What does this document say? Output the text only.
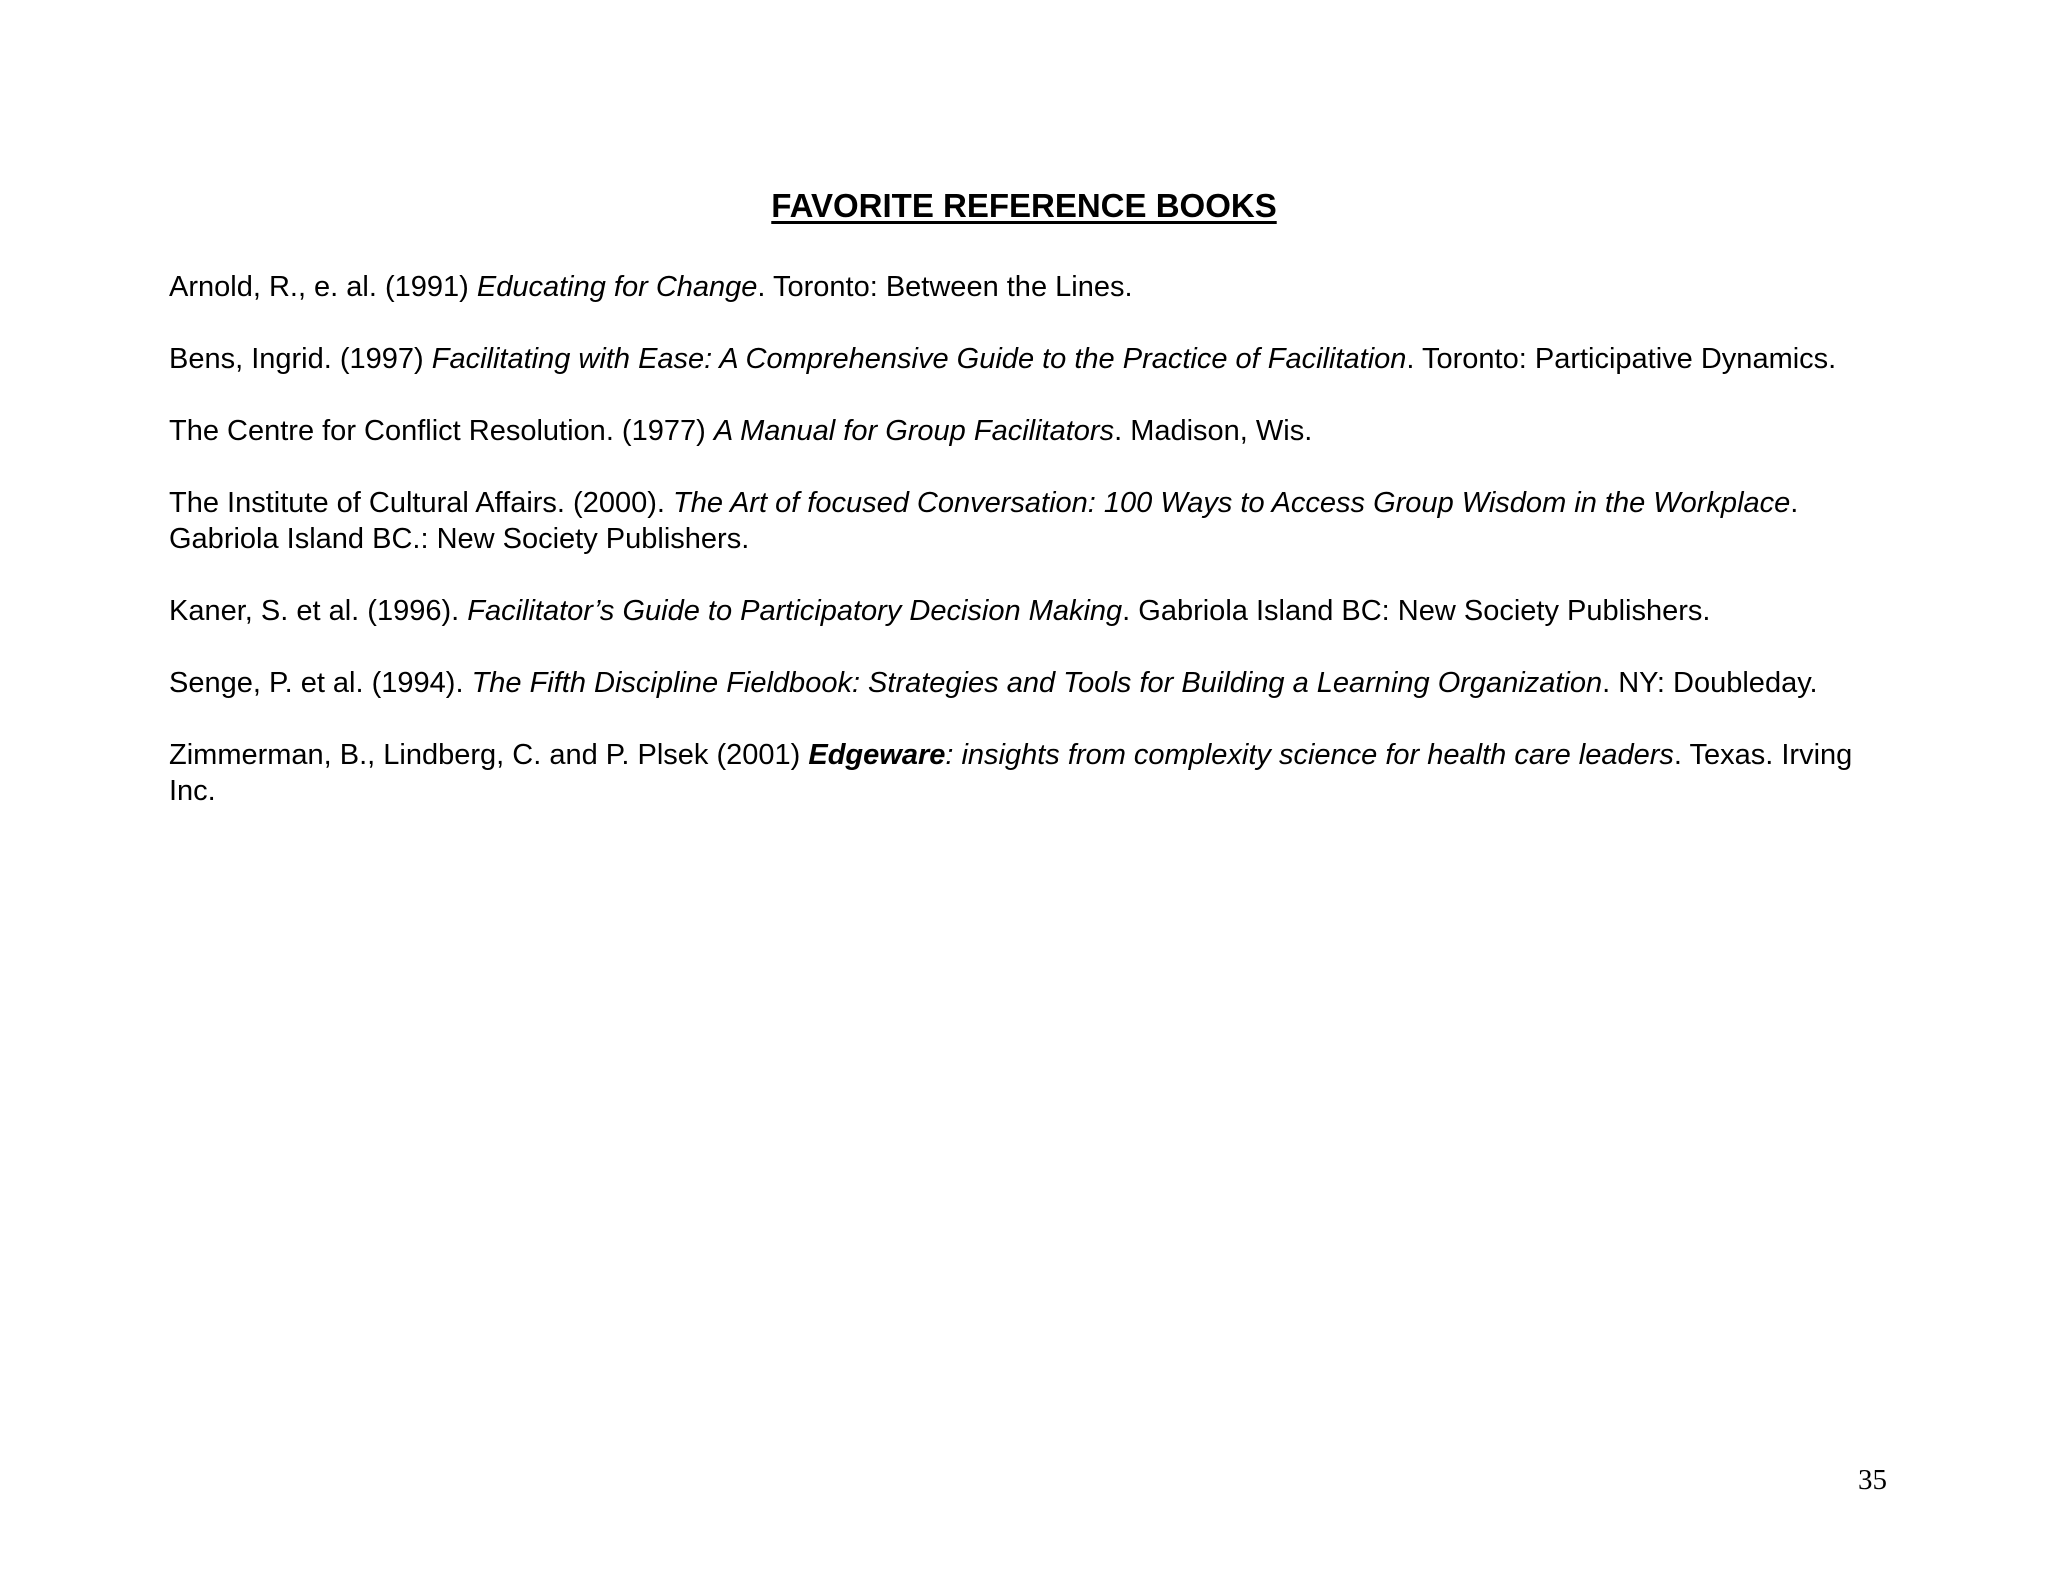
FAVORITE REFERENCE BOOKS
Arnold, R., e. al. (1991) Educating for Change. Toronto: Between the Lines.
Bens, Ingrid. (1997) Facilitating with Ease: A Comprehensive Guide to the Practice of Facilitation. Toronto: Participative Dynamics.
The Centre for Conflict Resolution. (1977) A Manual for Group Facilitators. Madison, Wis.
The Institute of Cultural Affairs. (2000). The Art of focused Conversation: 100 Ways to Access Group Wisdom in the Workplace. Gabriola Island BC.: New Society Publishers.
Kaner, S. et al. (1996). Facilitator’s Guide to Participatory Decision Making. Gabriola Island BC: New Society Publishers.
Senge, P. et al. (1994). The Fifth Discipline Fieldbook: Strategies and Tools for Building a Learning Organization. NY: Doubleday.
Zimmerman, B., Lindberg, C. and P. Plsek (2001) Edgeware: insights from complexity science for health care leaders. Texas. Irving Inc.
35
